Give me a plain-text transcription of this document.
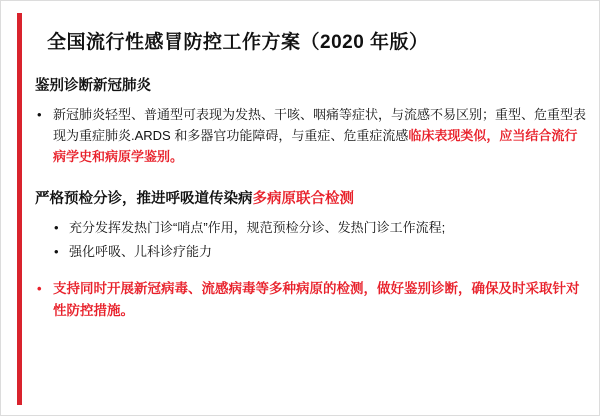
全国流行性感冒防控工作方案（2020 年版）
鉴别诊断新冠肺炎
• 新冠肺炎轻型、普通型可表现为发热、干咳、咽痛等症状，与流感不易区别；重型、危重型表现为重症肺炎.ARDS 和多器官功能障碍，与重症、危重症流感临床表现类似，应当结合流行病学史和病原学鉴别。
严格预检分诊，推进呼吸道传染病多病原联合检测
• 充分发挥发热门诊“哨点”作用，规范预检分诊、发热门诊工作流程;
• 强化呼吸、儿科诊疗能力
• 支持同时开展新冠病毒、流感病毒等多种病原的检测，做好鉴别诊断，确保及时采取针对性防控措施。
